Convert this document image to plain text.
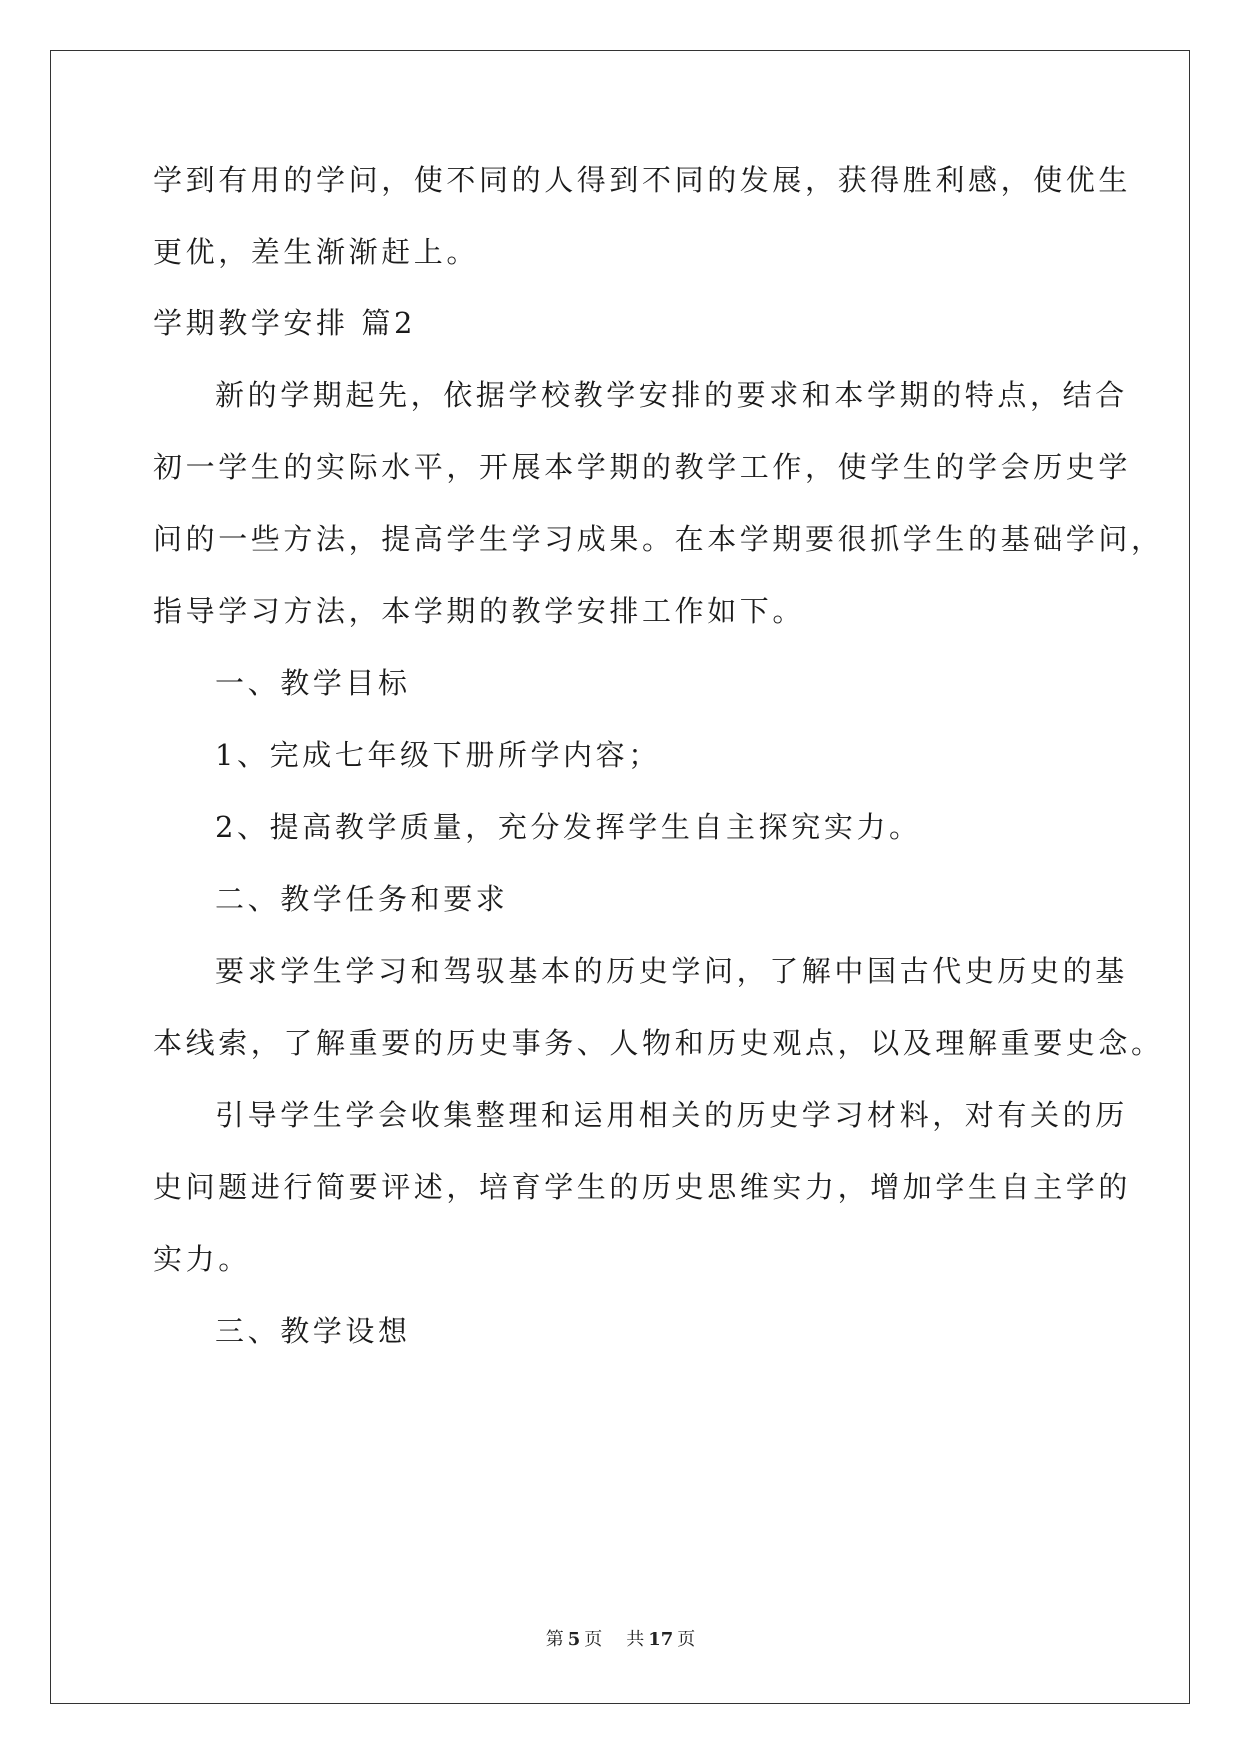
学到有用的学问，使不同的人得到不同的发展，获得胜利感，使优生
更优，差生渐渐赶上。
学期教学安排 篇2
新的学期起先，依据学校教学安排的要求和本学期的特点，结合
初一学生的实际水平，开展本学期的教学工作，使学生的学会历史学
问的一些方法，提高学生学习成果。在本学期要很抓学生的基础学问，
指导学习方法，本学期的教学安排工作如下。
一、教学目标
1、完成七年级下册所学内容；
2、提高教学质量，充分发挥学生自主探究实力。
二、教学任务和要求
要求学生学习和驾驭基本的历史学问，了解中国古代史历史的基
本线索，了解重要的历史事务、人物和历史观点，以及理解重要史念。
引导学生学会收集整理和运用相关的历史学习材料，对有关的历
史问题进行简要评述，培育学生的历史思维实力，增加学生自主学的
实力。
三、教学设想
第 5 页 共 17 页
